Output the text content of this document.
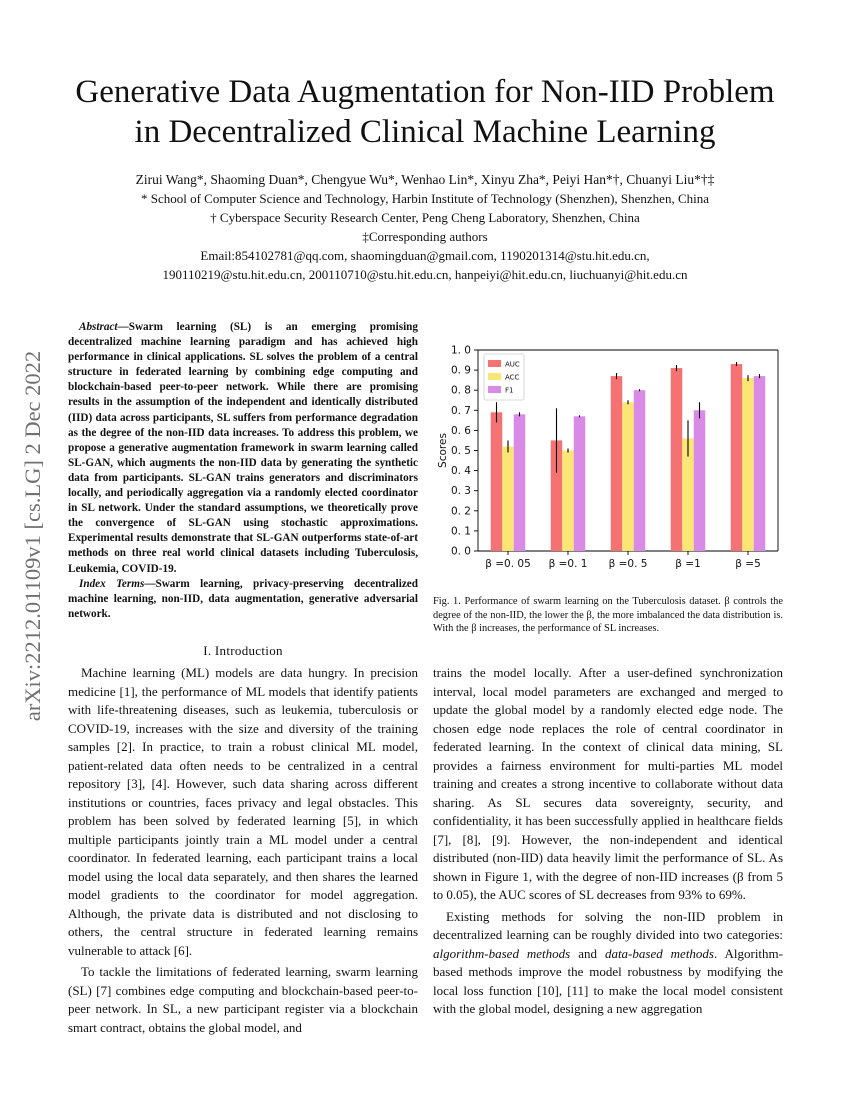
Generative Data Augmentation for Non-IID Problem
in Decentralized Clinical Machine Learning
Zirui Wang*, Shaoming Duan*, Chengyue Wu*, Wenhao Lin*, Xinyu Zha*, Peiyi Han*†, Chuanyi Liu*†‡
* School of Computer Science and Technology, Harbin Institute of Technology (Shenzhen), Shenzhen, China
† Cyberspace Security Research Center, Peng Cheng Laboratory, Shenzhen, China
‡Corresponding authors
Email:854102781@qq.com, shaomingduan@gmail.com, 1190201314@stu.hit.edu.cn,
190110219@stu.hit.edu.cn, 200110710@stu.hit.edu.cn, hanpeiyi@hit.edu.cn, liuchuanyi@hit.edu.cn
arXiv:2212.01109v1 [cs.LG] 2 Dec 2022

Abstract—Swarm learning (SL) is an emerging promising decentralized machine learning paradigm and has achieved high performance in clinical applications. SL solves the problem of a central structure in federated learning by combining edge computing and blockchain-based peer-to-peer network. While there are promising results in the assumption of the independent and identically distributed (IID) data across participants, SL suffers from performance degradation as the degree of the non-IID data increases. To address this problem, we propose a generative augmentation framework in swarm learning called SL-GAN, which augments the non-IID data by generating the synthetic data from participants. SL-GAN trains generators and discriminators locally, and periodically aggregation via a randomly elected coordinator in SL network. Under the standard assumptions, we theoretically prove the convergence of SL-GAN using stochastic approximations. Experimental results demonstrate that SL-GAN outperforms state-of-art methods on three real world clinical datasets including Tuberculosis, Leukemia, COVID-19.

Index Terms—Swarm learning, privacy-preserving decentralized machine learning, non-IID, data augmentation, generative adversarial network.

I. Introduction

Machine learning (ML) models are data hungry. In precision medicine [1], the performance of ML models that identify patients with life-threatening diseases, such as leukemia, tuberculosis or COVID-19, increases with the size and diversity of the training samples [2]. In practice, to train a robust clinical ML model, patient-related data often needs to be centralized in a central repository [3], [4]. However, such data sharing across different institutions or countries, faces privacy and legal obstacles. This problem has been solved by federated learning [5], in which multiple participants jointly train a ML model under a central coordinator. In federated learning, each participant trains a local model using the local data separately, and then shares the learned model gradients to the coordinator for model aggregation. Although, the private data is distributed and not disclosing to others, the central structure in federated learning remains vulnerable to attack [6].

To tackle the limitations of federated learning, swarm learning (SL) [7] combines edge computing and blockchain-based peer-to-peer network. In SL, a new participant register via a blockchain smart contract, obtains the global model, and

0. 0
0. 1
0. 2
0. 3
0. 4
0. 5
0. 6
0. 7
0. 8
0. 9
1. 0
Scores
β =0. 05 β =0. 1 β =0. 5	β =1	β =5
AUC
ACC
F1
Fig. 1. Performance of swarm learning on the Tuberculosis dataset. β controls the degree of the non-IID, the lower the β, the more imbalanced the data distribution is. With the β increases, the performance of SL increases.

trains the model locally. After a user-defined synchronization interval, local model parameters are exchanged and merged to update the global model by a randomly elected edge node. The chosen edge node replaces the role of central coordinator in federated learning. In the context of clinical data mining, SL provides a fairness environment for multi-parties ML model training and creates a strong incentive to collaborate without data sharing. As SL secures data sovereignty, security, and confidentiality, it has been successfully applied in healthcare fields [7], [8], [9]. However, the non-independent and identical distributed (non-IID) data heavily limit the performance of SL. As shown in Figure 1, with the degree of non-IID increases (β from 5 to 0.05), the AUC scores of SL decreases from 93% to 69%.

Existing methods for solving the non-IID problem in decentralized learning can be roughly divided into two categories: algorithm-based methods and data-based methods. Algorithm-based methods improve the model robustness by modifying the local loss function [10], [11] to make the local model consistent with the global model, designing a new aggregation
